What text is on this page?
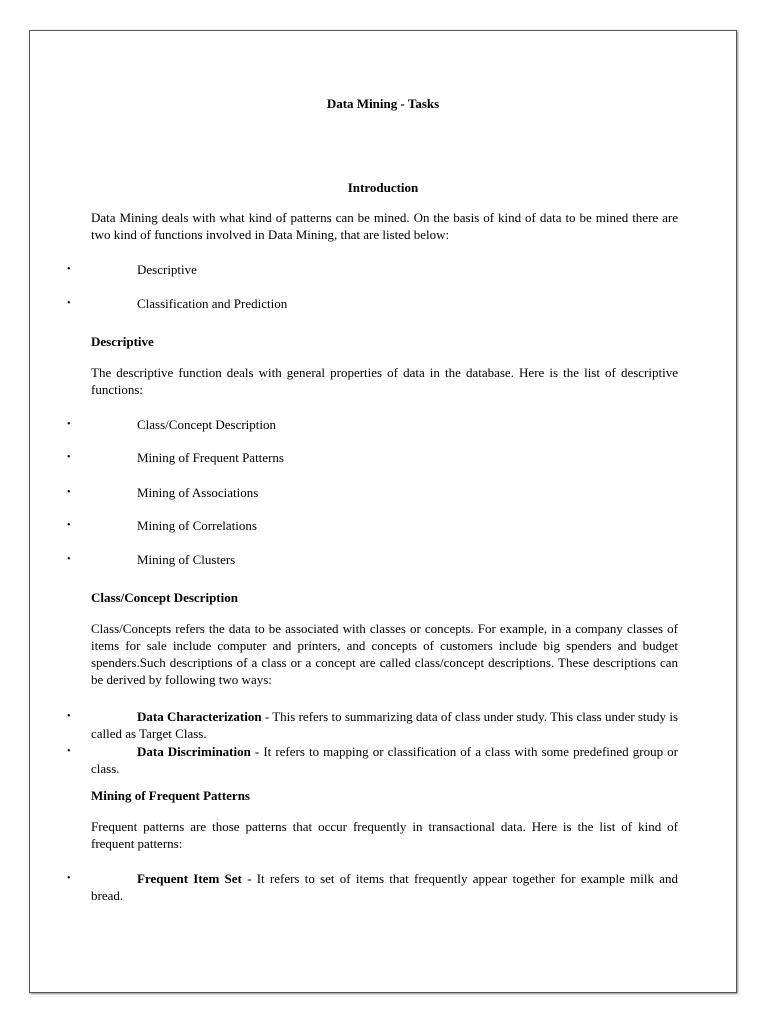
Data Mining - Tasks
Introduction
Data Mining deals with what kind of patterns can be mined. On the basis of kind of data to be mined there are two kind of functions involved in Data Mining, that are listed below:
•	Descriptive
•	Classification and Prediction
Descriptive
The descriptive function deals with general properties of data in the database. Here is the list of descriptive functions:
•	Class/Concept Description
•	Mining of Frequent Patterns
•	Mining of Associations
•	Mining of Correlations
•	Mining of Clusters
Class/Concept Description
Class/Concepts refers the data to be associated with classes or concepts. For example, in a company classes of items for sale include computer and printers, and concepts of customers include big spenders and budget spenders.Such descriptions of a class or a concept are called class/concept descriptions. These descriptions can be derived by following two ways:
•	Data Characterization - This refers to summarizing data of class under study. This class under study is called as Target Class.
•	Data Discrimination - It refers to mapping or classification of a class with some predefined group or class.
Mining of Frequent Patterns
Frequent patterns are those patterns that occur frequently in transactional data. Here is the list of kind of frequent patterns:
•	Frequent Item Set - It refers to set of items that frequently appear together for example milk and bread.
